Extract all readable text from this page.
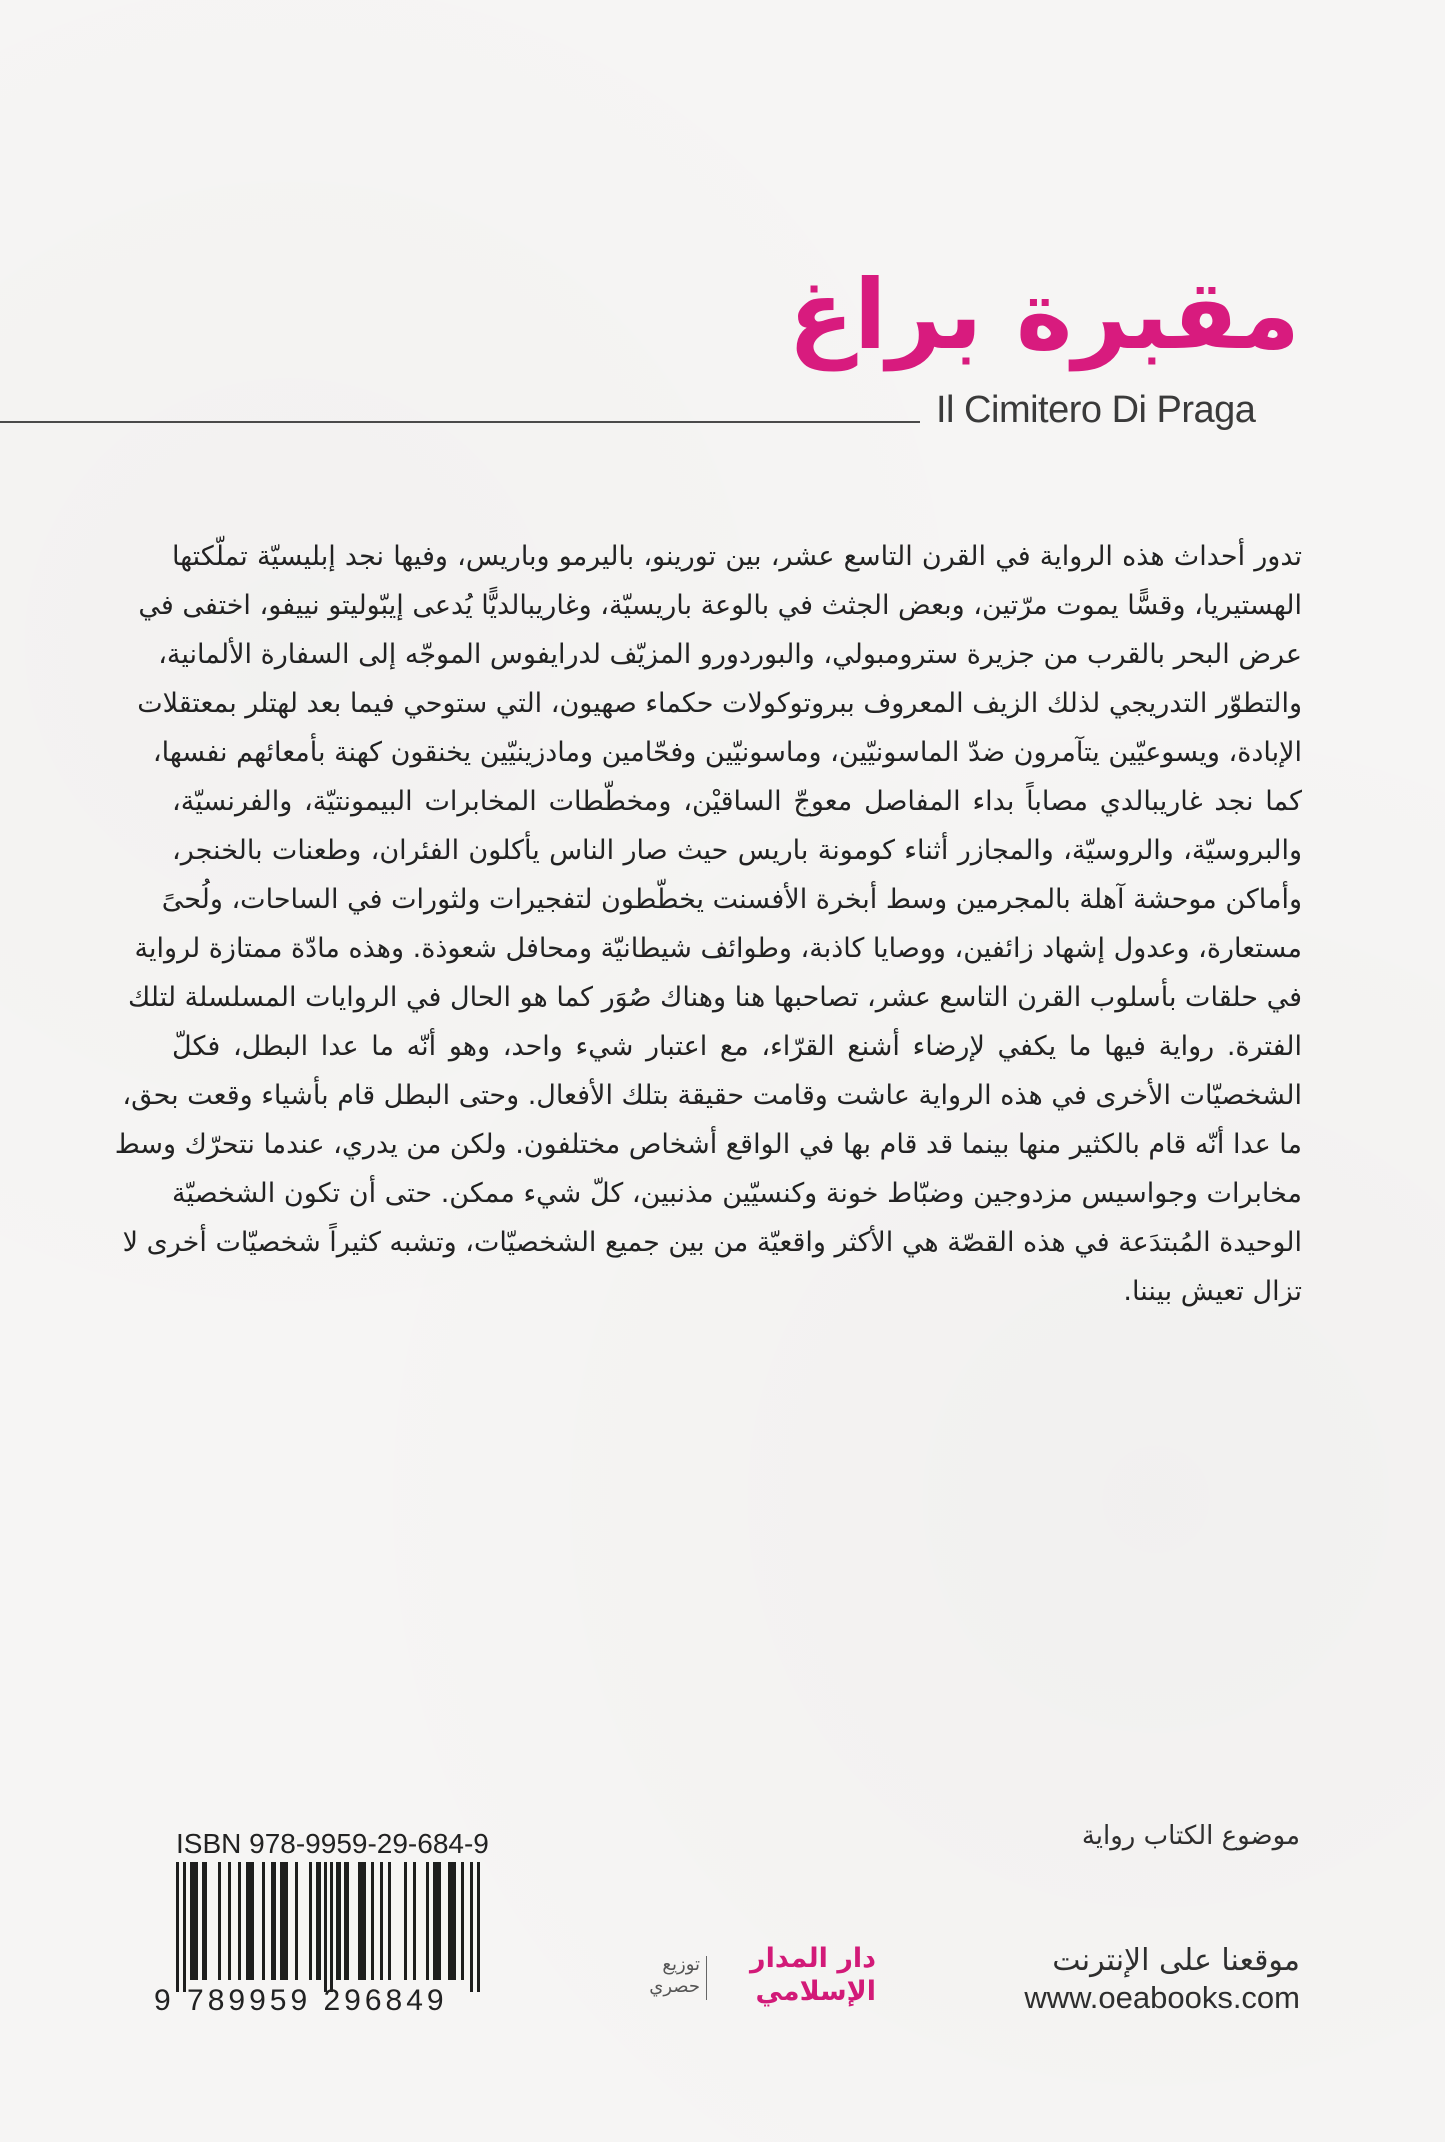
مقبرة براغ
Il Cimitero Di Praga
تدور أحداث هذه الرواية في القرن التاسع عشر، بين تورينو، باليرمو وباريس، وفيها نجد إبليسيّة تملّكتها
الهستيريا، وقسًّا يموت مرّتين، وبعض الجثث في بالوعة باريسيّة، وغاريبالديًّا يُدعى إيبّوليتو نييفو، اختفى في
عرض البحر بالقرب من جزيرة سترومبولي، والبوردورو المزيّف لدرايفوس الموجّه إلى السفارة الألمانية،
والتطوّر التدريجي لذلك الزيف المعروف ببروتوكولات حكماء صهيون، التي ستوحي فيما بعد لهتلر بمعتقلات
الإبادة، ويسوعيّين يتآمرون ضدّ الماسونيّين، وماسونيّين وفحّامين ومادزينيّين يخنقون كهنة بأمعائهم نفسها،
كما نجد غاريبالدي مصاباً بداء المفاصل معوجّ الساقيْن، ومخطّطات المخابرات البيمونتيّة، والفرنسيّة،
والبروسيّة، والروسيّة، والمجازر أثناء كومونة باريس حيث صار الناس يأكلون الفئران، وطعنات بالخنجر،
وأماكن موحشة آهلة بالمجرمين وسط أبخرة الأفسنت يخطّطون لتفجيرات ولثورات في الساحات، ولُحىً
مستعارة، وعدول إشهاد زائفين، ووصايا كاذبة، وطوائف شيطانيّة ومحافل شعوذة. وهذه مادّة ممتازة لرواية
في حلقات بأسلوب القرن التاسع عشر، تصاحبها هنا وهناك صُوَر كما هو الحال في الروايات المسلسلة لتلك
الفترة. رواية فيها ما يكفي لإرضاء أشنع القرّاء، مع اعتبار شيء واحد، وهو أنّه ما عدا البطل، فكلّ
الشخصيّات الأخرى في هذه الرواية عاشت وقامت حقيقة بتلك الأفعال. وحتى البطل قام بأشياء وقعت بحق،
ما عدا أنّه قام بالكثير منها بينما قد قام بها في الواقع أشخاص مختلفون. ولكن من يدري، عندما نتحرّك وسط
مخابرات وجواسيس مزدوجين وضبّاط خونة وكنسيّين مذنبين، كلّ شيء ممكن. حتى أن تكون الشخصيّة
الوحيدة المُبتدَعة في هذه القصّة هي الأكثر واقعيّة من بين جميع الشخصيّات، وتشبه كثيراً شخصيّات أخرى لا
تزال تعيش بيننا.
موضوع الكتاب رواية
ISBN 978-9959-29-684-9
9 789959 296849
توزيع
حصري
دار المدار الإسلامي
موقعنا على الإنترنت
www.oeabooks.com
